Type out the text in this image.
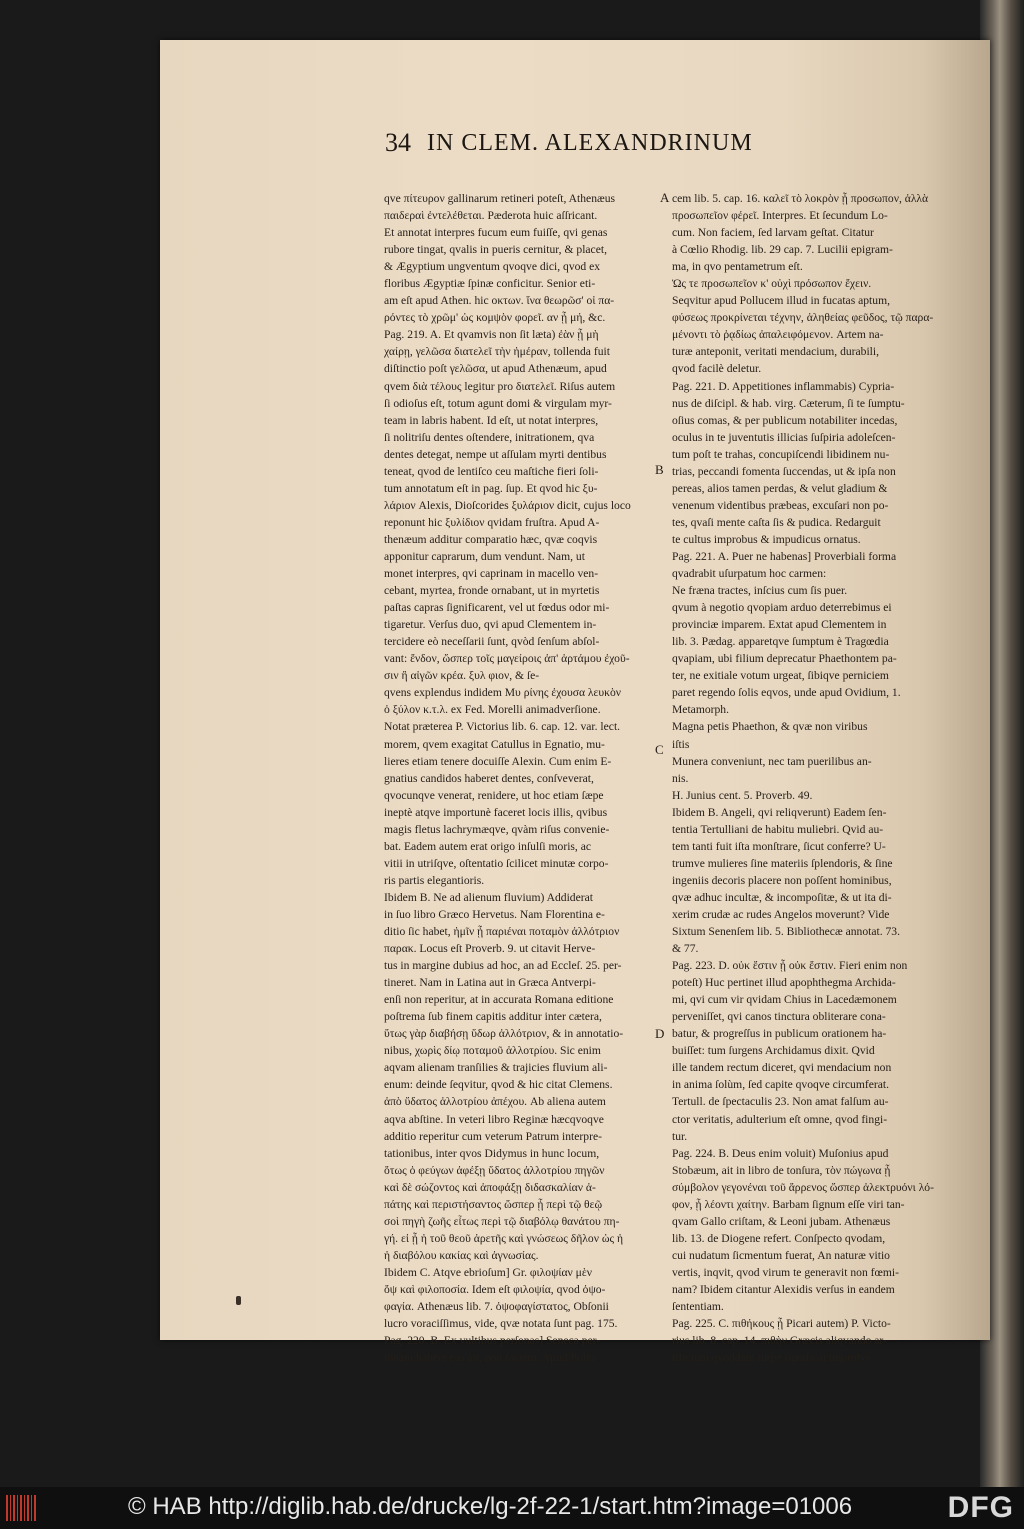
34 IN CLEM. ALEXANDRINUM
qve πίτευρον gallinarum retineri poteſt, Athenæus
παιδεραὶ ἐντελέθεται. Pæderota huic aſſricant.
Et annotat interpres fucum eum fuiſſe, qvi genas
rubore tingat, qvalis in pueris cernitur, & placet,
& Ægyptium ungventum qvoqve dici, qvod ex
floribus Ægyptiæ ſpinæ conficitur. Senior eti-
am eſt apud Athen. hic οκτων. ἵνα θεωρῶσ' οἱ πα-
ρόντες τὸ χρῶμ' ὡς κομψὸν φορεῖ. αν ᾖ μή, &c.
Pag. 219. A. Et qvamvis non ſit læta) ἐὰν ᾖ μὴ
χαίρῃ, γελῶσα διατελεῖ τὴν ἡμέραν, tollenda fuit
diſtinctio poſt γελῶσα, ut apud Athenæum, apud
qvem διὰ τέλους legitur pro διατελεῖ. Riſus autem
ſi odioſus eſt, totum agunt domi & virgulam myr-
team in labris habent. Id eſt, ut notat interpres,
ſi nolitriſu dentes oſtendere, initrationem, qva
dentes detegat, nempe ut aſſulam myrti dentibus
teneat, qvod de lentiſco ceu maſtiche fieri ſoli-
tum annotatum eſt in pag. ſup. Et qvod hic ξυ-
λάριον Alexis, Dioſcorides ξυλάριον dicit, cujus loco
reponunt hic ξυλίδιον qvidam fruſtra. Apud A-
thenæum additur comparatio hæc, qvæ coqvis
apponitur caprarum, dum vendunt. Nam, ut
monet interpres, qvi caprinam in macello ven-
cebant, myrtea, fronde ornabant, ut in myrtetis
paſtas capras ſignificarent, vel ut fœdus odor mi-
tigaretur. Verſus duo, qvi apud Clementem in-
tercidere eò neceſſarii ſunt, qvòd ſenſum abſol-
vant: ἔνδον, ὥσπερ τοῖς μαγείροις ἀπ' ἀρτάμου ἐχοῦ-
σιν ἢ αἰγῶν κρέα. ξυλ φιον, & ſe-
qvens explendus indidem Μυ ρίνης ἐχουσα λευκὸν
ὀ ξύλον κ.τ.λ. ex Fed. Morelli animadverſione.
Notat præterea P. Victorius lib. 6. cap. 12. var. lect.
morem, qvem exagitat Catullus in Egnatio, mu-
lieres etiam tenere docuiſſe Alexin. Cum enim E-
gnatius candidos haberet dentes, conſveverat,
qvocunqve venerat, renidere, ut hoc etiam ſæpe
ineptè atqve importunè faceret locis illis, qvibus
magis fletus lachrymæqve, qvàm riſus convenie-
bat. Eadem autem erat origo inſulſi moris, ac
vitii in utriſqve, oſtentatio ſcilicet minutæ corpo-
ris partis elegantioris.
Ibidem B. Ne ad alienum fluvium) Addiderat
in ſuo libro Græco Hervetus. Nam Florentina e-
ditio ſic habet, ἡμῖν ᾖ παριέναι ποταμὸν ἀλλότριον
παρακ. Locus eſt Proverb. 9. ut citavit Herve-
tus in margine dubius ad hoc, an ad Eccleſ. 25. per-
tineret. Nam in Latina aut in Græca Antverpi-
enſi non reperitur, at in accurata Romana editione
poſtrema ſub finem capitis additur inter cætera,
ὕτως γὰρ διαβήσῃ ὕδωρ ἀλλότριον, & in annotatio-
nibus, χωρὶς δίῳ ποταμοῦ ἀλλοτρίου. Sic enim
aqvam alienam tranſilies & trajicies fluvium ali-
enum: deinde ſeqvitur, qvod & hic citat Clemens.
ἀπὸ ὕδατος ἀλλοτρίου ἀπέχου. Ab aliena autem
aqva abſtine. In veteri libro Reginæ hæcqvoqve
additio reperitur cum veterum Patrum interpre-
tationibus, inter qvos Didymus in hunc locum,
ὅτως ὁ φεύγων ἀφέξῃ ὕδατος ἀλλοτρίου πηγῶν
καὶ δὲ σώζοντος καὶ ἀποφάξῃ διδασκαλίαν ἀ-
πάτης καὶ περιστήσαντος ὥσπερ ᾗ περὶ τῷ θεῷ
σοὶ πηγὴ ζωῆς εἶτως περὶ τῷ διαβόλῳ θανάτου πη-
γή. εἰ ᾖ ἡ τοῦ θεοῦ ἀρετῆς καὶ γνώσεως δῆλον ὡς ἡ
ἡ διαβόλου κακίας καὶ ἀγνωσίας.
Ibidem C. Atqve ebrioſum] Gr. φιλοψίαν μὲν
ὄψ καὶ φιλοποσία. Idem eſt φιλοψία, qvod ὀψο-
φαγία. Athenæus lib. 7. ὀψοφαγίστατος, Obſonii
lucro voraciſſimus, vide, qvæ notata ſunt pag. 175.
Pag. 220. B. Ex vultibus perſonas] Seneca per-
ſonam habere eas ait, non faciem. Apud Pollu-
cem lib. 5. cap. 16. καλεῖ τὸ λοκρὸν ᾖ προσωπον, ἀλλὰ
προσωπεῖον φέρεῖ. Interpres. Et ſecundum Lo-
cum. Non faciem, ſed larvam geſtat. Citatur
à Cœlio Rhodig. lib. 29 cap. 7. Lucilii epigram-
ma, in qvo pentametrum eſt.
Ὡς τε προσωπεῖον κ' οὐχὶ πρόσωπον ἔχειν.
Seqvitur apud Pollucem illud in fucatas aptum,
φύσεως προκρίνεται τέχνην, ἀληθείας φεῦδος, τῷ παρα-
μένοντι τὸ ῥᾳδίως ἀπαλειφόμενον. Artem na-
turæ anteponit, veritati mendacium, durabili,
qvod facilè deletur.
Pag. 221. D. Appetitiones inflammabis) Cypria-
nus de diſcipl. & hab. virg. Cæterum, ſi te ſumptu-
oſius comas, & per publicum notabiliter incedas,
oculus in te juventutis illicias ſuſpiria adoleſcen-
tum poſt te trahas, concupiſcendi libidinem nu-
trias, peccandi fomenta ſuccendas, ut & ipſa non
pereas, alios tamen perdas, & velut gladium &
venenum videntibus præbeas, excuſari non po-
tes, qvaſi mente caſta ſis & pudica. Redarguit
te cultus improbus & impudicus ornatus.
Pag. 221. A. Puer ne habenas] Proverbiali forma
qvadrabit uſurpatum hoc carmen:
Ne fræna tractes, inſcius cum ſis puer.
qvum à negotio qvopiam arduo deterrebimus ei
provinciæ imparem. Extat apud Clementem in
lib. 3. Pædag. apparetqve ſumptum è Tragœdia
qvapiam, ubi filium deprecatur Phaethontem pa-
ter, ne exitiale votum urgeat, ſibiqve perniciem
paret regendo ſolis eqvos, unde apud Ovidium, 1.
Metamorph.
Magna petis Phaethon, & qvæ non viribus
iſtis
Munera conveniunt, nec tam puerilibus an-
nis.
H. Junius cent. 5. Proverb. 49.
Ibidem B. Angeli, qvi reliqverunt) Eadem ſen-
tentia Tertulliani de habitu muliebri. Qvid au-
tem tanti fuit iſta monſtrare, ſicut conferre? U-
trumve mulieres ſine materiis ſplendoris, & ſine
ingeniis decoris placere non poſſent hominibus,
qvæ adhuc incultæ, & incompoſitæ, & ut ita di-
xerim crudæ ac rudes Angelos moverunt? Vide
Sixtum Senenſem lib. 5. Bibliothecæ annotat. 73.
& 77.
Pag. 223. D. οὐκ ἔστιν ᾖ οὐκ ἔστιν. Fieri enim non
poteſt) Huc pertinet illud apophthegma Archida-
mi, qvi cum vir qvidam Chius in Lacedæmonem
perveniſſet, qvi canos tinctura obliterare cona-
batur, & progreſſus in publicum orationem ha-
buiſſet: tum ſurgens Archidamus dixit. Qvid
ille tandem rectum diceret, qvi mendacium non
in anima ſolùm, ſed capite qvoqve circumferat.
Tertull. de ſpectaculis 23. Non amat falſum au-
ctor veritatis, adulterium eſt omne, qvod fingi-
tur.
Pag. 224. B. Deus enim voluit) Muſonius apud
Stobæum, ait in libro de tonſura, τὸν πώγωνα ᾖ
σύμβολον γεγονέναι τοῦ ἄρρενος ὥσπερ ἀλεκτρυόνι λό-
φον, ᾖ λέοντι χαίτην. Barbam ſignum eſſe viri tan-
qvam Gallo criſtam, & Leoni jubam. Athenæus
lib. 13. de Diogene refert. Conſpecto qvodam,
cui nudatum ſicmentum fuerat, An naturæ vitio
vertis, inqvit, qvod virum te generavit non fœmi-
nam? Ibidem citantur Alexidis verſus in eandem
ſententiam.
Pag. 225. C. πιθήκους ᾖ Picari autem) P. Victo-
rius lib. 8. cap. 14. πιθὴν Græcis aliqvando ar-
tificium qvoddam turpe ſignificat improbo-
A
B
C
D
© HAB http://diglib.hab.de/drucke/lg-2f-22-1/start.htm?image=01006	DFG
